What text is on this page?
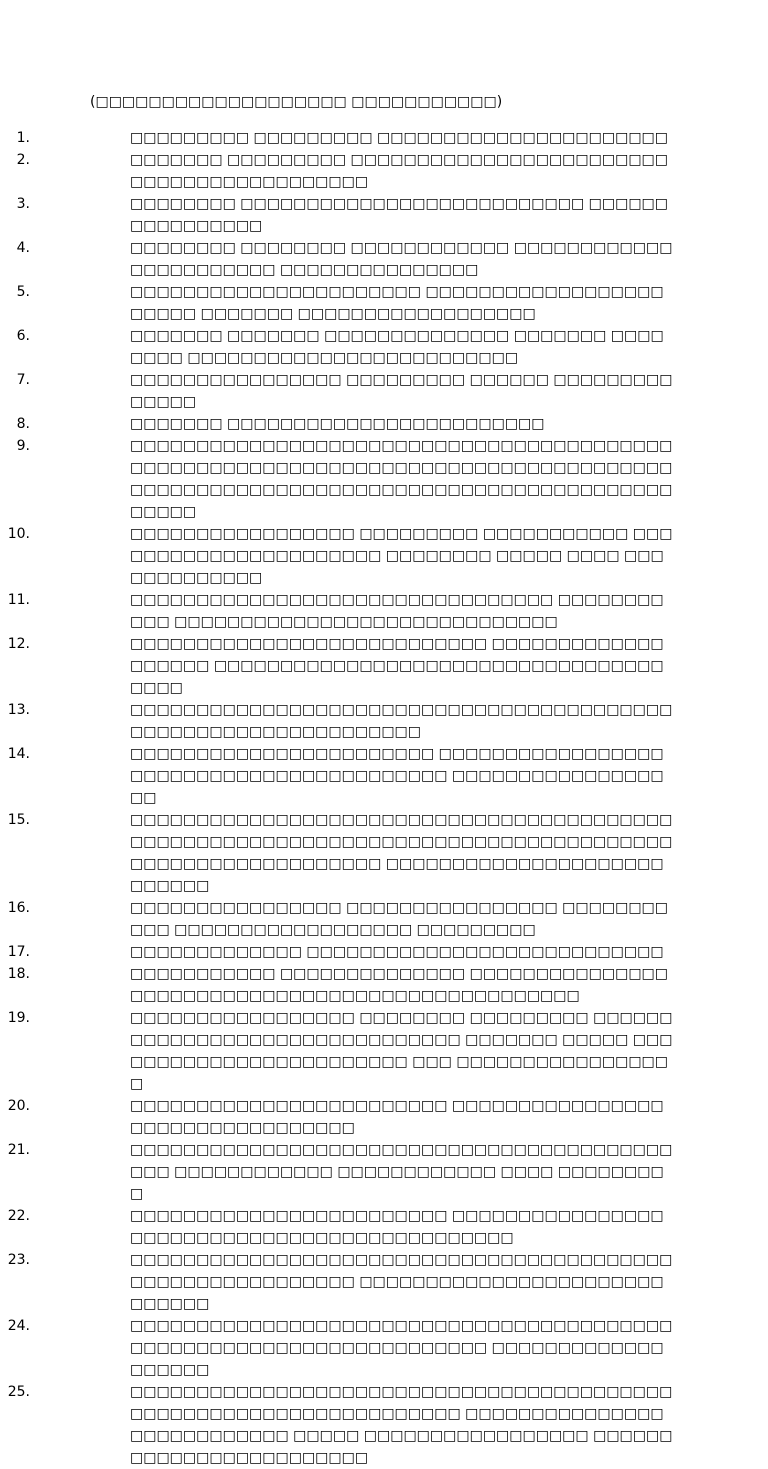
(□□□□□□□□□□□□□□□□□□□ □□□□□□□□□□□)
1.	□□□□□□□□□ □□□□□□□□□ □□□□□□□□□□□□□□□□□□□□□□
2.	□□□□□□□ □□□□□□□□□ □□□□□□□□□□□□□□□□□□□□□□□□□□□□□□□□□□□□□□□□□□
3.	□□□□□□□□ □□□□□□□□□□□□□□□□□□□□□□□□□□ □□□□□□□□□□□□□□□□
4.	□□□□□□□□ □□□□□□□□ □□□□□□□□□□□□ □□□□□□□□□□□□□□□□□□□□□□□ □□□□□□□□□□□□□□□
5.	□□□□□□□□□□□□□□□□□□□□□□ □□□□□□□□□□□□□□□□□□□□□□□ □□□□□□□ □□□□□□□□□□□□□□□□□□
6.	□□□□□□□ □□□□□□□ □□□□□□□□□□□□□□ □□□□□□□ □□□□□□□□ □□□□□□□□□□□□□□□□□□□□□□□□□
7.	□□□□□□□□□□□□□□□□ □□□□□□□□□ □□□□□□ □□□□□□□□□□□□□□
8.	□□□□□□□ □□□□□□□□□□□□□□□□□□□□□□□□
9.	□□□□□□□□□□□□□□□□□□□□□□□□□□□□□□□□□□□□□□□□□□□□□□□□□□□□□□□□□□□□□□□□□□□□□□□□□□□□□□□□□□□□□□□□□□□□□□□□□□□□□□□□□□□□□□□□□□□□□□□□□□□□□□□□
10.	□□□□□□□□□□□□□□□□□ □□□□□□□□□ □□□□□□□□□□□ □□□□□□□□□□□□□□□□□□□□□□ □□□□□□□□ □□□□□ □□□□ □□□□□□□□□□□□□
11.	□□□□□□□□□□□□□□□□□□□□□□□□□□□□□□□□ □□□□□□□□□□□ □□□□□□□□□□□□□□□□□□□□□□□□□□□□□
12.	□□□□□□□□□□□□□□□□□□□□□□□□□□□ □□□□□□□□□□□□□□□□□□□ □□□□□□□□□□□□□□□□□□□□□□□□□□□□□□□□□□□□□□
13.	□□□□□□□□□□□□□□□□□□□□□□□□□□□□□□□□□□□□□□□□□□□□□□□□□□□□□□□□□□□□□□□
14.	□□□□□□□□□□□□□□□□□□□□□□□ □□□□□□□□□□□□□□□□□□□□□□□□□□□□□□□□□□□□□□□□□ □□□□□□□□□□□□□□□□□□
15.	□□□□□□□□□□□□□□□□□□□□□□□□□□□□□□□□□□□□□□□□□□□□□□□□□□□□□□□□□□□□□□□□□□□□□□□□□□□□□□□□□□□□□□□□□□□□□□□□□□□□□ □□□□□□□□□□□□□□□□□□□□□□□□□□□
16.	□□□□□□□□□□□□□□□□ □□□□□□□□□□□□□□□□ □□□□□□□□□□□ □□□□□□□□□□□□□□□□□□ □□□□□□□□□
17.	□□□□□□□□□□□□□ □□□□□□□□□□□□□□□□□□□□□□□□□□□
18.	□□□□□□□□□□□ □□□□□□□□□□□□□□ □□□□□□□□□□□□□□□ □□□□□□□□□□□□□□□□□□□□□□□□□□□□□□□□□□
19.	□□□□□□□□□□□□□□□□□ □□□□□□□□ □□□□□□□□□ □□□□□□□□□□□□□□□□□□□□□□□□□□□□□□□ □□□□□□□ □□□□□ □□□□□□□□□□□□□□□□□□□□□□□□ □□□ □□□□□□□□□□□□□□□□□
20.	□□□□□□□□□□□□□□□□□□□□□□□□ □□□□□□□□□□□□□□□□□□□□□□□□□□□□□□□□□
21.	□□□□□□□□□□□□□□□□□□□□□□□□□□□□□□□□□□□□□□□□□□□□ □□□□□□□□□□□□ □□□□□□□□□□□□ □□□□ □□□□□□□□□
22.	□□□□□□□□□□□□□□□□□□□□□□□□ □□□□□□□□□□□□□□□□□□□□□□□□□□□□□□□□□□□□□□□□□□□□□
23.	□□□□□□□□□□□□□□□□□□□□□□□□□□□□□□□□□□□□□□□□□□□□□□□□□□□□□□□□□□ □□□□□□□□□□□□□□□□□□□□□□□□□□□□□
24.	□□□□□□□□□□□□□□□□□□□□□□□□□□□□□□□□□□□□□□□□□□□□□□□□□□□□□□□□□□□□□□□□□□□□ □□□□□□□□□□□□□□□□□□□
25.	□□□□□□□□□□□□□□□□□□□□□□□□□□□□□□□□□□□□□□□□□□□□□□□□□□□□□□□□□□□□□□□□□□ □□□□□□□□□□□□□□□□□□□□□□□□□□□ □□□□□ □□□□□□□□□□□□□□□□□ □□□□□□□□□□□□□□□□□□□□□□□□
